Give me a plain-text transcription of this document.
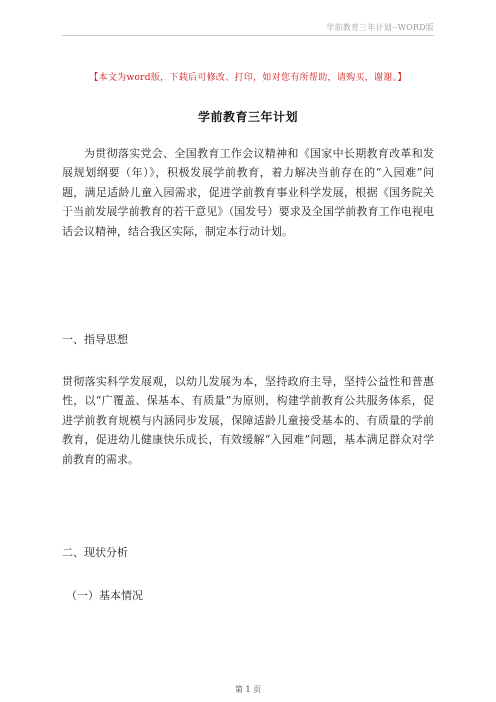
学前教育三年计划--WORD版
【本文为word版，下载后可修改、打印，如对您有所帮助，请购买，谢谢。】
学前教育三年计划

为贯彻落实党会、全国教育工作会议精神和《国家中长期教育改革和发展规划纲要（年）》，积极发展学前教育，着力解决当前存在的“入园难”问题，满足适龄儿童入园需求，促进学前教育事业科学发展，根据《国务院关于当前发展学前教育的若干意见》（国发号）要求及全国学前教育工作电视电话会议精神，结合我区实际，制定本行动计划。

一、指导思想

贯彻落实科学发展观，以幼儿发展为本，坚持政府主导，坚持公益性和普惠性，以“广覆盖、保基本、有质量”为原则，构建学前教育公共服务体系，促进学前教育规模与内涵同步发展，保障适龄儿童接受基本的、有质量的学前教育，促进幼儿健康快乐成长，有效缓解“入园难”问题，基本满足群众对学前教育的需求。

二、现状分析
（一）基本情况
第 1 页
